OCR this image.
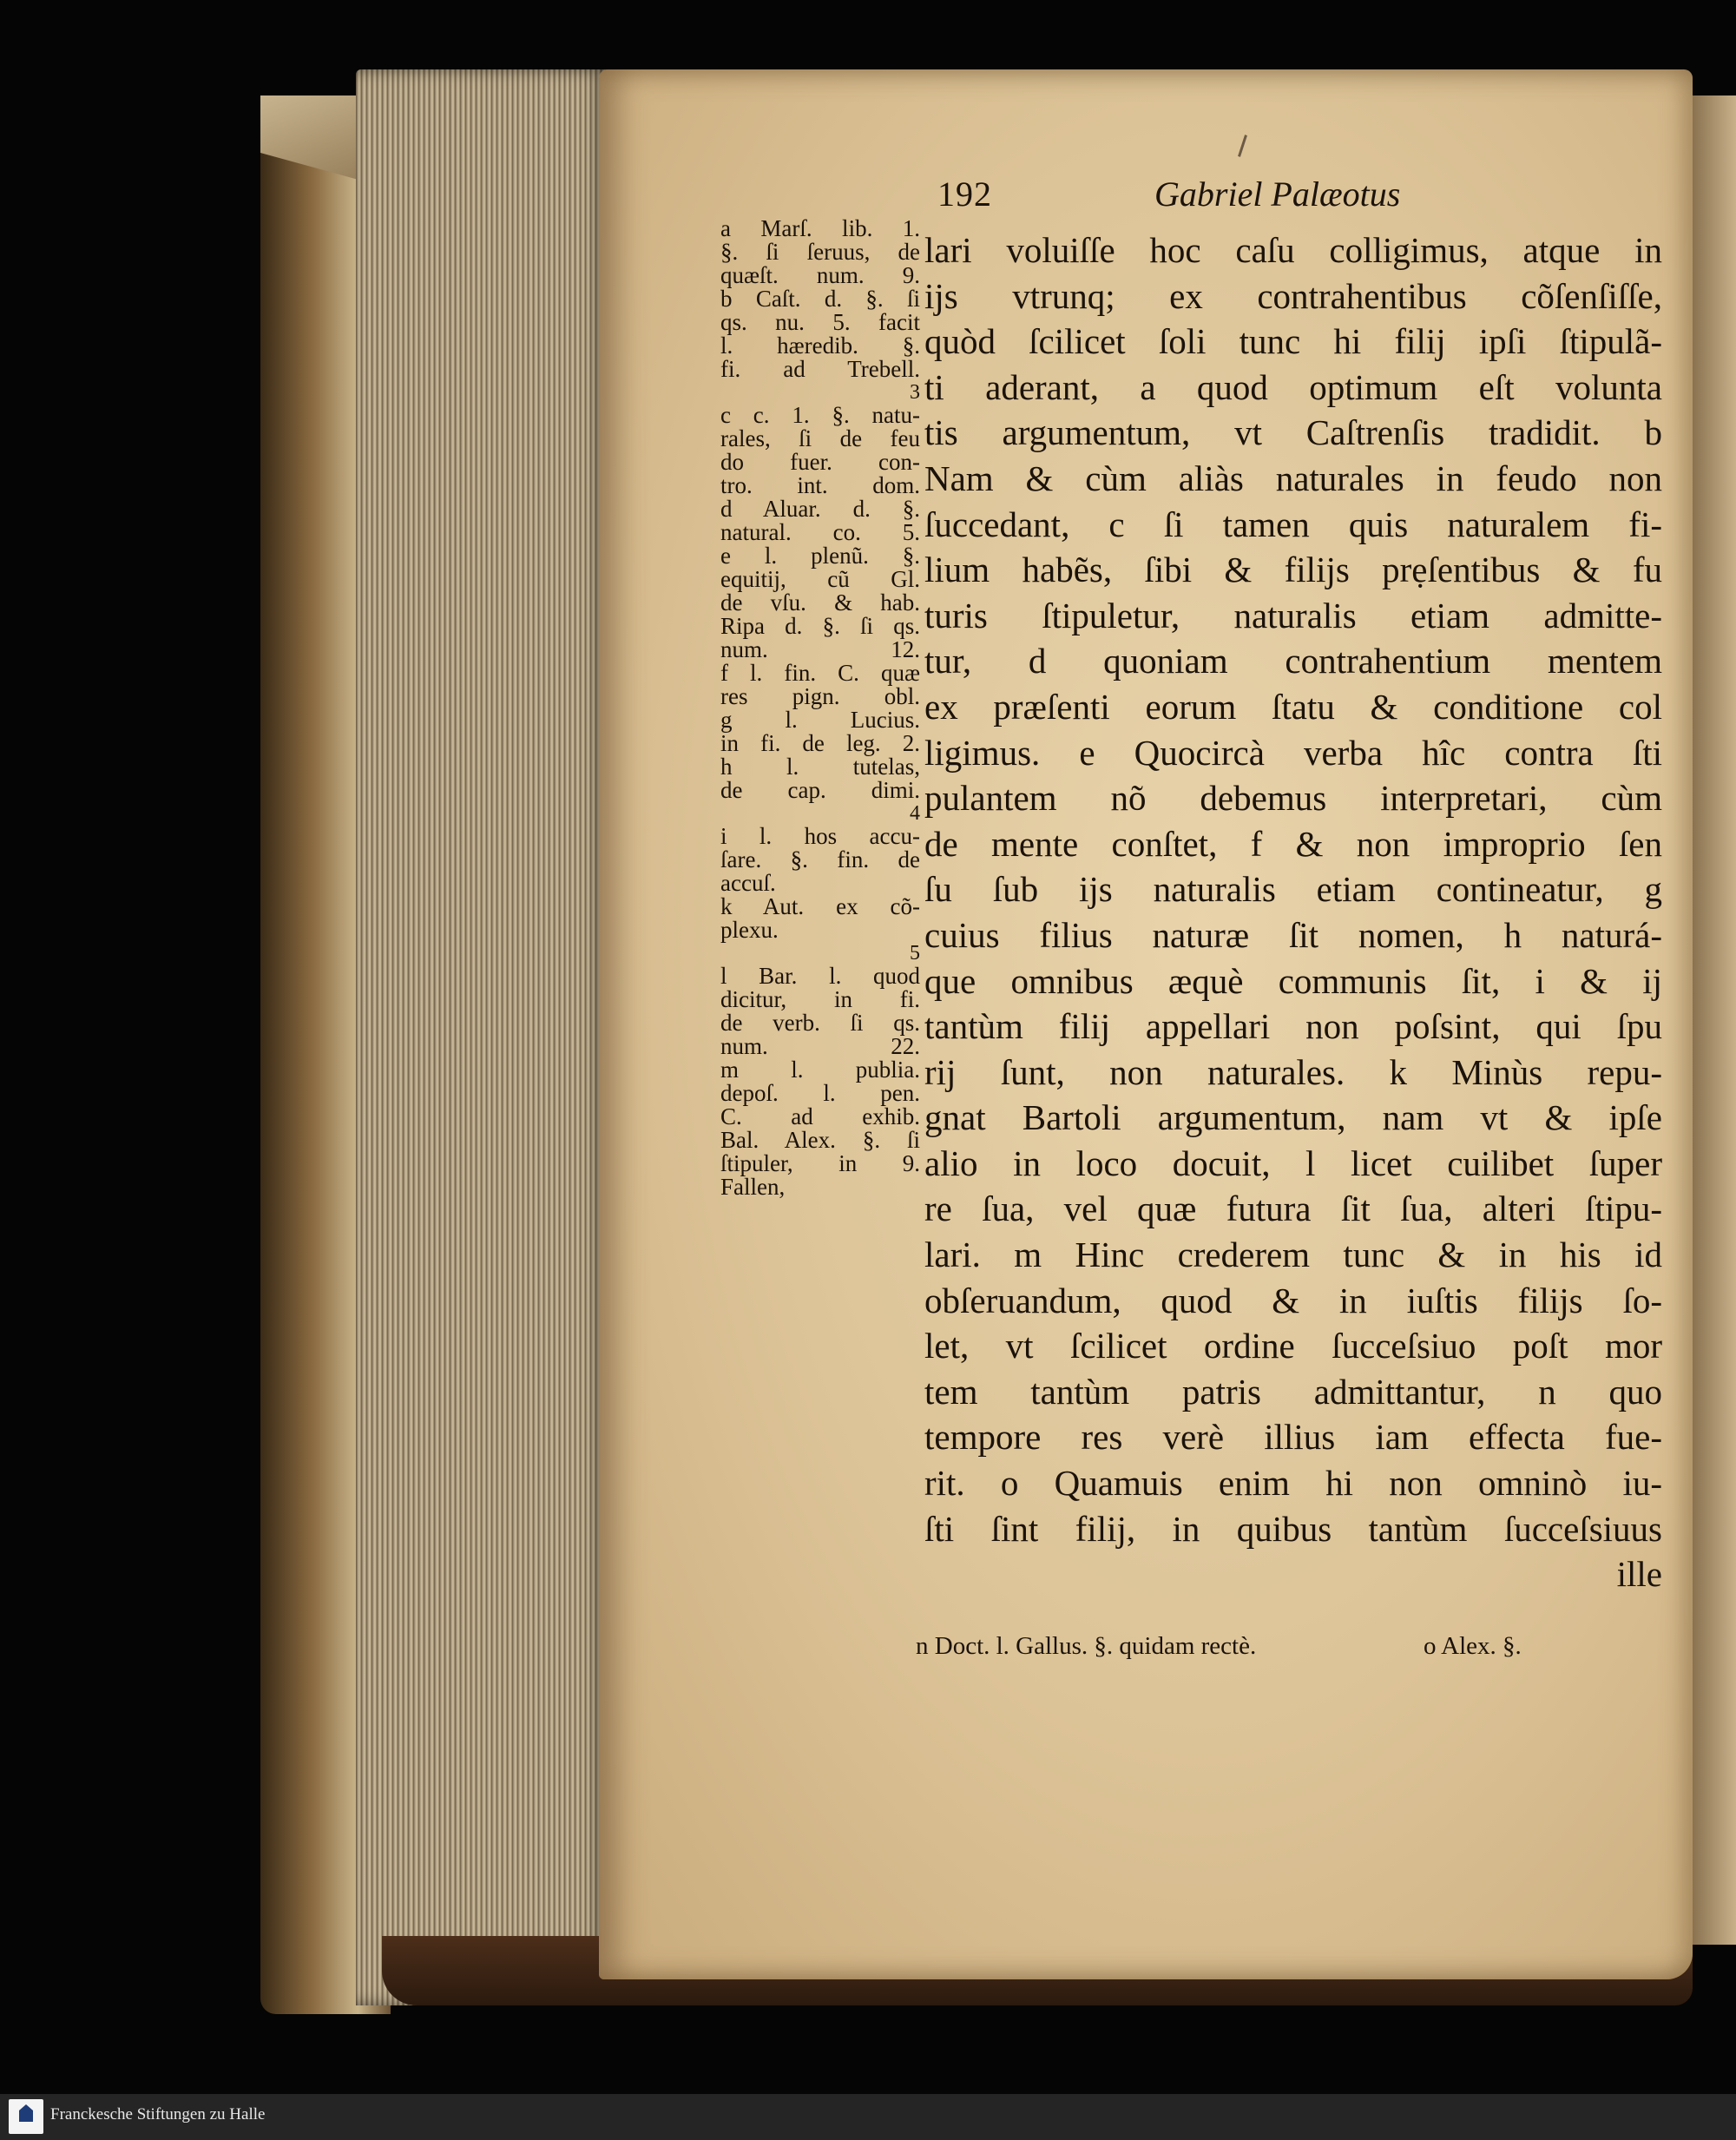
192	Gabriel Palæotus
a Marſ. lib. 1.
§. ſi ſeruus, de
quæſt. num. 9.
b Caſt. d. §. ſi
qs. nu. 5. facit
l. hæredib. §.
fi. ad Trebell.
3
c c. 1. §. natu-
rales, ſi de feu
do fuer. con-
tro. int. dom.
d Aluar. d. §.
natural. co. 5.
e l. plenũ. §.
equitij, cũ Gl.
de vſu. & hab.
Ripa d. §. ſi qs.
num. 12.
f l. fin. C. quæ
res pign. obl.
g l. Lucius.
in fi. de leg. 2.
h l. tutelas,
de cap. dimi.
4
i l. hos accu-
ſare. §. fin. de
accuſ.
k Aut. ex cõ-
plexu.
5
l Bar. l. quod
dicitur, in fi.
de verb. ſi qs.
num. 22.
m l. publia.
depoſ. l. pen.
C. ad exhib.
Bal. Alex. §. ſi
ſtipuler, in 9.
Fallen,
lari voluiſſe hoc caſu colligimus, atque in
ijs vtrunq; ex contrahentibus cõſenſiſſe,
quòd ſcilicet ſoli tunc hi filij ipſi ſtipulã-
ti aderant, a quod optimum eſt volunta
tis argumentum, vt Caſtrenſis tradidit. b
Nam & cùm aliàs naturales in feudo non
ſuccedant, c ſi tamen quis naturalem fi-
lium habẽs, ſibi & filijs prẹſentibus & fu
turis ſtipuletur, naturalis etiam admitte-
tur, d quoniam contrahentium mentem
ex præſenti eorum ſtatu & conditione col
ligimus. e Quocircà verba hîc contra ſti
pulantem nõ debemus interpretari, cùm
de mente conſtet, f & non improprio ſen
ſu ſub ijs naturalis etiam contineatur, g
cuius filius naturæ ſit nomen, h naturá-
que omnibus æquè communis ſit, i & ij
tantùm filij appellari non poſsint, qui ſpu
rij ſunt, non naturales. k Minùs repu-
gnat Bartoli argumentum, nam vt & ipſe
alio in loco docuit, l licet cuilibet ſuper
re ſua, vel quæ futura ſit ſua, alteri ſtipu-
lari. m Hinc crederem tunc & in his id
obſeruandum, quod & in iuſtis filijs ſo-
let, vt ſcilicet ordine ſucceſsiuo poſt mor
tem tantùm patris admittantur, n quo
tempore res verè illius iam effecta fue-
rit. o Quamuis enim hi non omninò iu-
ſti ſint filij, in quibus tantùm ſucceſsiuus
ille
n Doct. l. Gallus. §. quidam rectè.	o Alex. §.
Franckesche Stiftungen zu Halle
